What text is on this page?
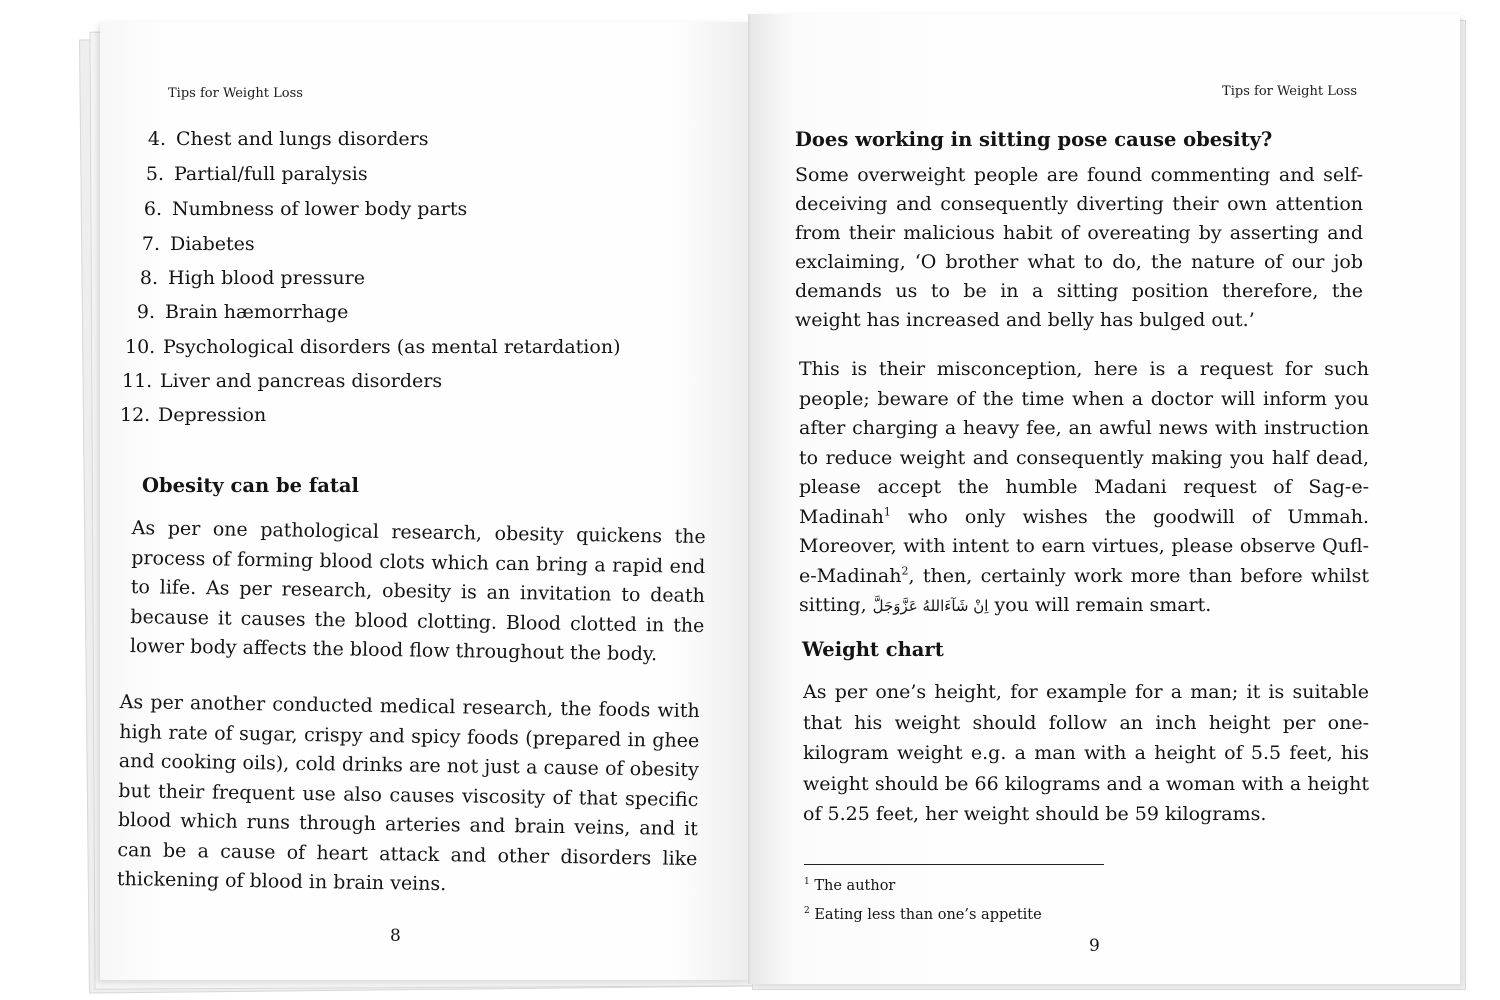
Tips for Weight Loss
4. Chest and lungs disorders
5. Partial/full paralysis
6. Numbness of lower body parts
7. Diabetes
8. High blood pressure
9. Brain hæmorrhage
10. Psychological disorders (as mental retardation)
11. Liver and pancreas disorders
12. Depression
Obesity can be fatal
As per one pathological research, obesity quickens the process of forming blood clots which can bring a rapid end to life. As per research, obesity is an invitation to death because it causes the blood clotting. Blood clotted in the lower body affects the blood flow throughout the body.
As per another conducted medical research, the foods with high rate of sugar, crispy and spicy foods (prepared in ghee and cooking oils), cold drinks are not just a cause of obesity but their frequent use also causes viscosity of that specific blood which runs through arteries and brain veins, and it can be a cause of heart attack and other disorders like thickening of blood in brain veins.
8
Tips for Weight Loss
Does working in sitting pose cause obesity?
Some overweight people are found commenting and self-deceiving and consequently diverting their own attention from their malicious habit of overeating by asserting and exclaiming, ‘O brother what to do, the nature of our job demands us to be in a sitting position therefore, the weight has increased and belly has bulged out.’
This is their misconception, here is a request for such people; beware of the time when a doctor will inform you after charging a heavy fee, an awful news with instruction to reduce weight and consequently making you half dead, please accept the humble Madani request of Sag-e-Madinah$^1$ who only wishes the goodwill of Ummah. Moreover, with intent to earn virtues, please observe Qufl-e-Madinah$^2$, then, certainly work more than before whilst sitting, اِنْ شَآءَاللهُ عَزَّوَجَلَّ you will remain smart.
Weight chart
As per one’s height, for example for a man; it is suitable that his weight should follow an inch height per one-kilogram weight e.g. a man with a height of 5.5 feet, his weight should be 66 kilograms and a woman with a height of 5.25 feet, her weight should be 59 kilograms.
$^1$ The author
$^2$ Eating less than one’s appetite
9
